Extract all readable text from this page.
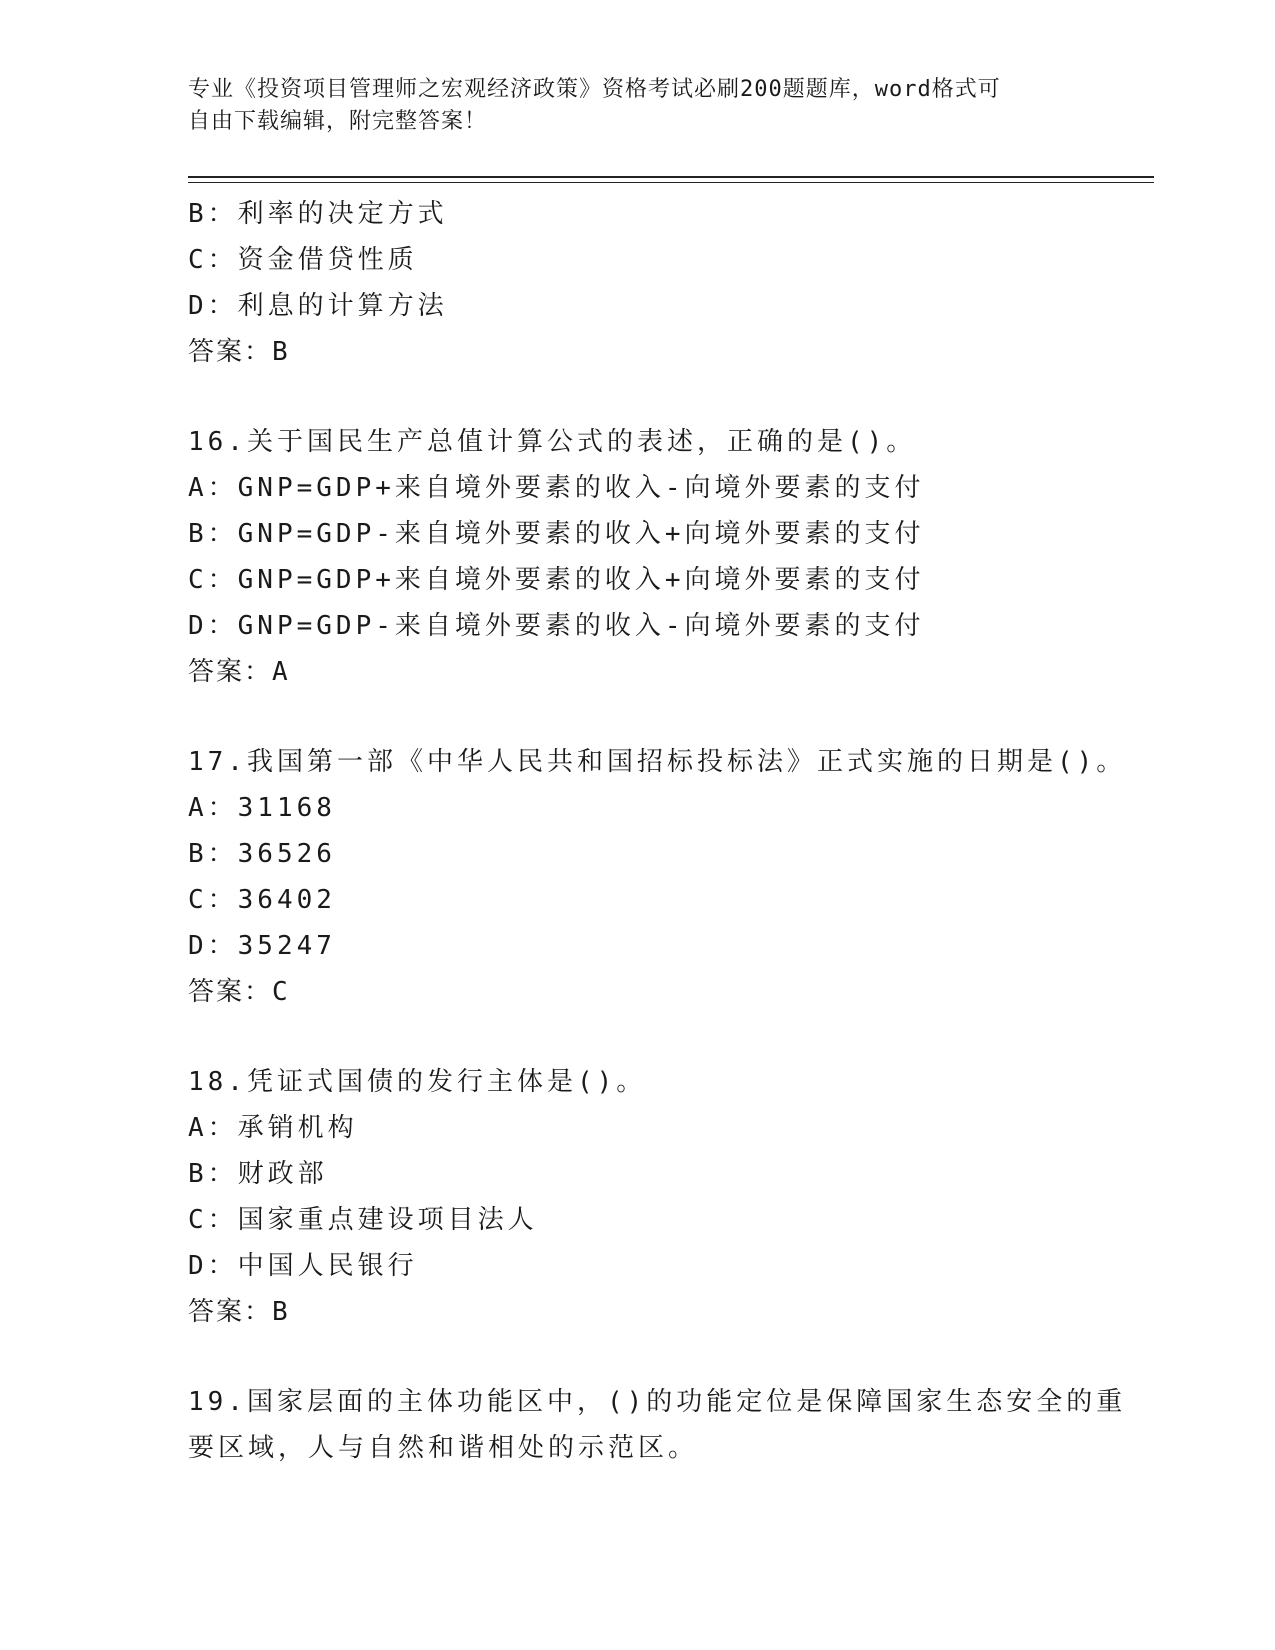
专业《投资项目管理师之宏观经济政策》资格考试必刷200题题库，word格式可
自由下载编辑，附完整答案！
B：利率的决定方式
C：资金借贷性质
D：利息的计算方法
答案：B
16.关于国民生产总值计算公式的表述，正确的是()。
A：GNP=GDP+来自境外要素的收入-向境外要素的支付
B：GNP=GDP-来自境外要素的收入+向境外要素的支付
C：GNP=GDP+来自境外要素的收入+向境外要素的支付
D：GNP=GDP-来自境外要素的收入-向境外要素的支付
答案：A
17.我国第一部《中华人民共和国招标投标法》正式实施的日期是()。
A：31168
B：36526
C：36402
D：35247
答案：C
18.凭证式国债的发行主体是()。
A：承销机构
B：财政部
C：国家重点建设项目法人
D：中国人民银行
答案：B
19.国家层面的主体功能区中，()的功能定位是保障国家生态安全的重
要区域，人与自然和谐相处的示范区。
